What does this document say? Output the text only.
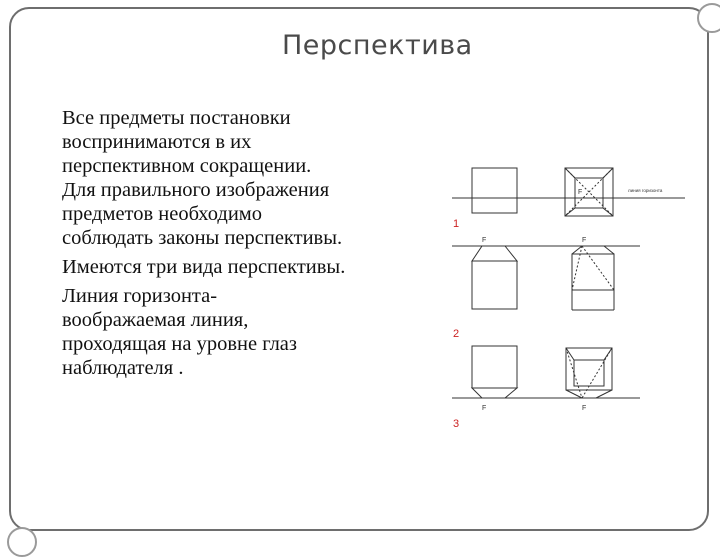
Перспектива

Все предметы постановки
воспринимаются в их
перспективном сокращении.
Для правильного изображения
предметов необходимо
соблюдать законы перспективы.

Имеются три вида перспективы.

Линия горизонта-
воображаемая линия,
проходящая на уровне глаз
наблюдателя .

F
F	F
F	F
линия горизонта
1
2
3
